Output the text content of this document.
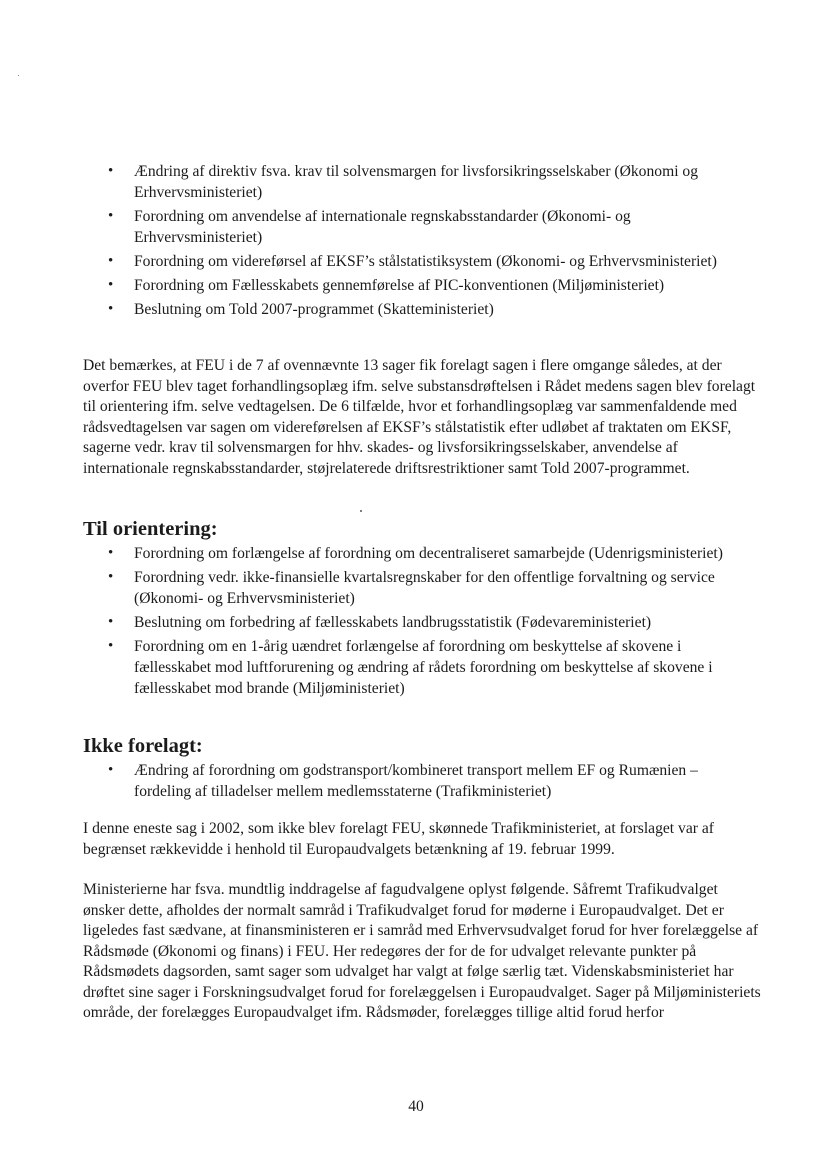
• Ændring af direktiv fsva. krav til solvensmargen for livsforsikringsselskaber (Økonomi og Erhvervsministeriet)
• Forordning om anvendelse af internationale regnskabsstandarder (Økonomi- og Erhvervsministeriet)
• Forordning om videreførsel af EKSF’s stålstatistiksystem (Økonomi- og Erhvervsministeriet)
• Forordning om Fællesskabets gennemførelse af PIC-konventionen (Miljøministeriet)
• Beslutning om Told 2007-programmet (Skatteministeriet)

Det bemærkes, at FEU i de 7 af ovennævnte 13 sager fik forelagt sagen i flere omgange således, at der overfor FEU blev taget forhandlingsoplæg ifm. selve substansdrøftelsen i Rådet medens sagen blev forelagt til orientering ifm. selve vedtagelsen. De 6 tilfælde, hvor et forhandlingsoplæg var sammenfaldende med rådsvedtagelsen var sagen om videreførelsen af EKSF’s stålstatistik efter udløbet af traktaten om EKSF, sagerne vedr. krav til solvensmargen for hhv. skades- og livsforsikringsselskaber, anvendelse af internationale regnskabsstandarder, støjrelaterede driftsrestriktioner samt Told 2007-programmet.

Til orientering:
• Forordning om forlængelse af forordning om decentraliseret samarbejde (Udenrigsministeriet)
• Forordning vedr. ikke-finansielle kvartalsregnskaber for den offentlige forvaltning og service (Økonomi- og Erhvervsministeriet)
• Beslutning om forbedring af fællesskabets landbrugsstatistik (Fødevareministeriet)
• Forordning om en 1-årig uændret forlængelse af forordning om beskyttelse af skovene i fællesskabet mod luftforurening og ændring af rådets forordning om beskyttelse af skovene i fællesskabet mod brande (Miljøministeriet)
Ikke forelagt:
• Ændring af forordning om godstransport/kombineret transport mellem EF og Rumænien – fordeling af tilladelser mellem medlemsstaterne (Trafikministeriet)

I denne eneste sag i 2002, som ikke blev forelagt FEU, skønnede Trafikministeriet, at forslaget var af begrænset rækkevidde i henhold til Europaudvalgets betænkning af 19. februar 1999.

Ministerierne har fsva. mundtlig inddragelse af fagudvalgene oplyst følgende. Såfremt Trafikudvalget ønsker dette, afholdes der normalt samråd i Trafikudvalget forud for møderne i Europaudvalget. Det er ligeledes fast sædvane, at finansministeren er i samråd med Erhvervsudvalget forud for hver forelæggelse af Rådsmøde (Økonomi og finans) i FEU. Her redegøres der for de for udvalget relevante punkter på Rådsmødets dagsorden, samt sager som udvalget har valgt at følge særlig tæt. Videnskabsministeriet har drøftet sine sager i Forskningsudvalget forud for forelæggelsen i Europaudvalget. Sager på Miljøministeriets område, der forelægges Europaudvalget ifm. Rådsmøder, forelægges tillige altid forud herfor

40
